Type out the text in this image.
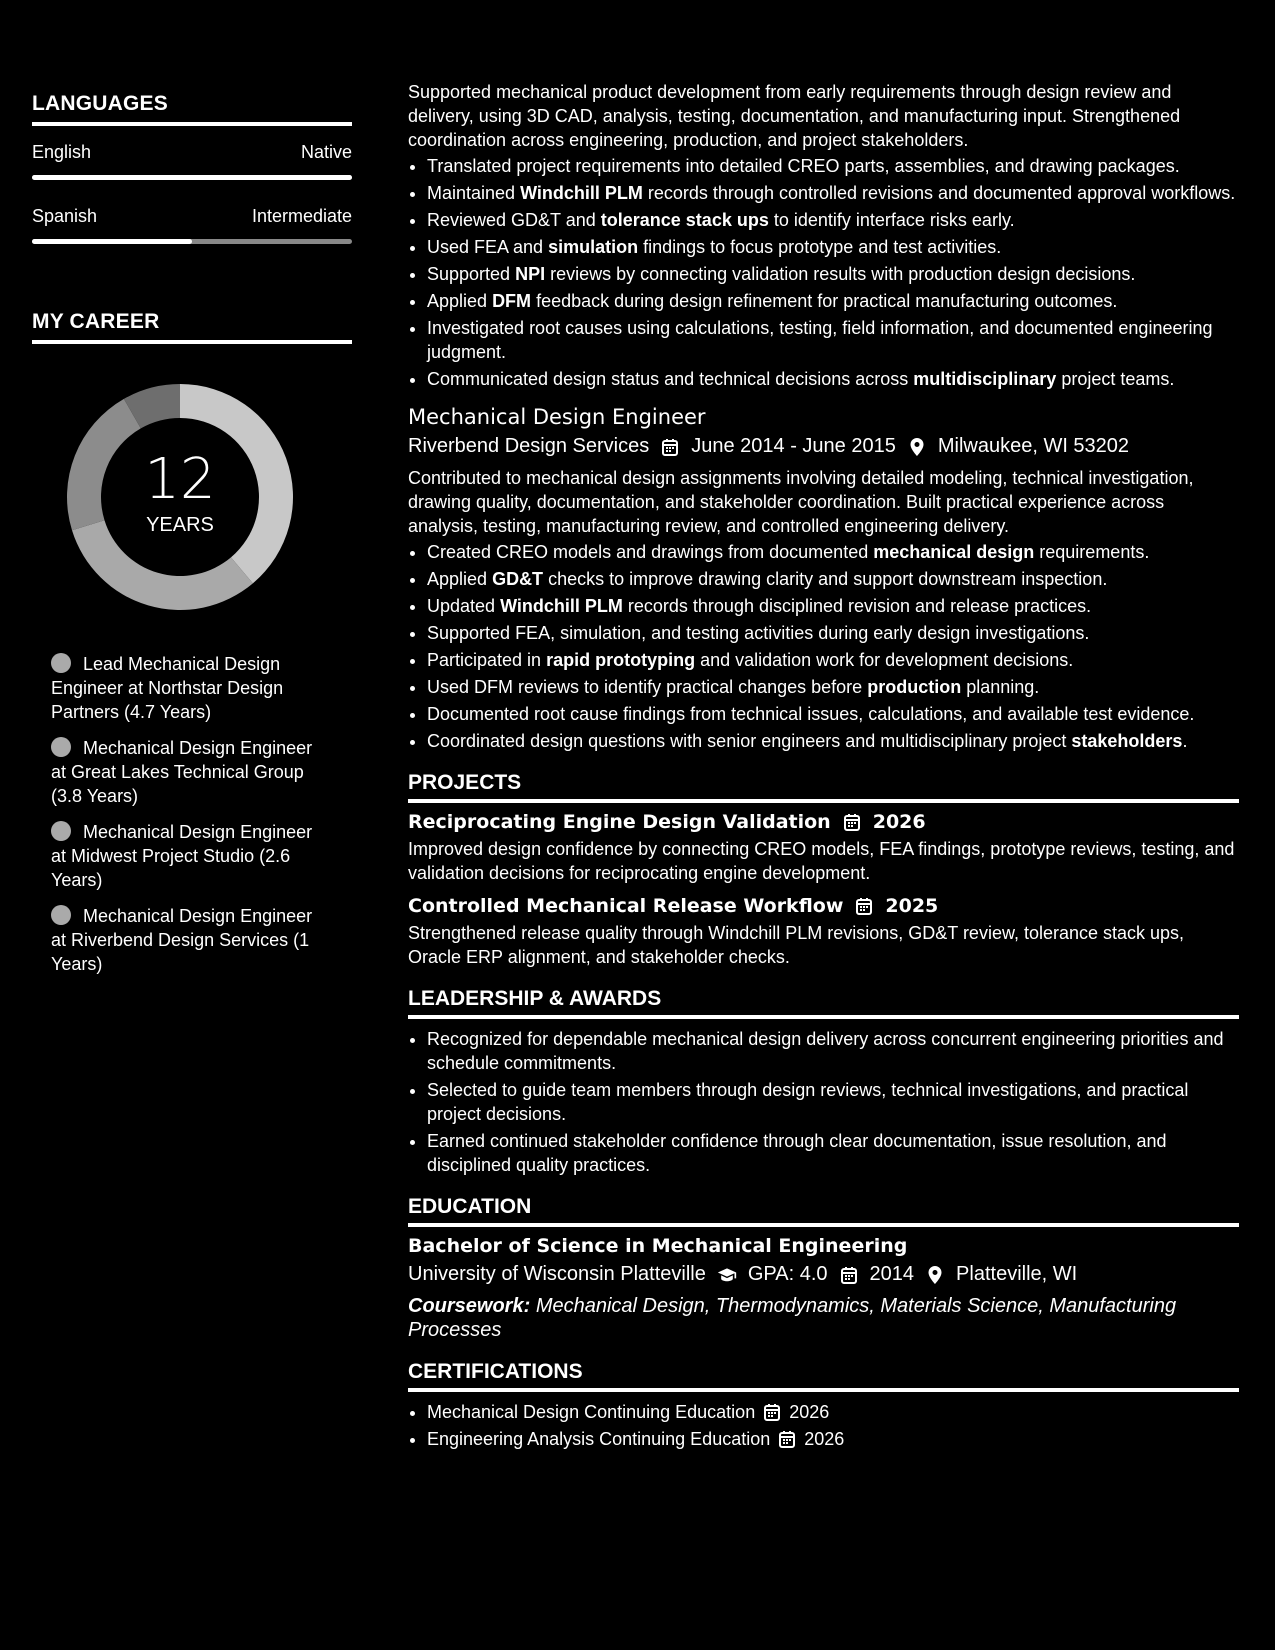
LANGUAGES
English	Native
Spanish	Intermediate
MY CAREER
12
YEARS
Lead Mechanical Design Engineer at Northstar Design Partners (4.7 Years)
Mechanical Design Engineer at Great Lakes Technical Group (3.8 Years)
Mechanical Design Engineer at Midwest Project Studio (2.6 Years)
Mechanical Design Engineer at Riverbend Design Services (1 Years)
Supported mechanical product development from early requirements through design review and delivery, using 3D CAD, analysis, testing, documentation, and manufacturing input. Strengthened coordination across engineering, production, and project stakeholders.
• Translated project requirements into detailed CREO parts, assemblies, and drawing packages.
• Maintained Windchill PLM records through controlled revisions and documented approval workflows.
• Reviewed GD&T and tolerance stack ups to identify interface risks early.
• Used FEA and simulation findings to focus prototype and test activities.
• Supported NPI reviews by connecting validation results with production design decisions.
• Applied DFM feedback during design refinement for practical manufacturing outcomes.
• Investigated root causes using calculations, testing, field information, and documented engineering judgment.
• Communicated design status and technical decisions across multidisciplinary project teams.
Mechanical Design Engineer
Riverbend Design Services June 2014 - June 2015 Milwaukee, WI 53202
Contributed to mechanical design assignments involving detailed modeling, technical investigation, drawing quality, documentation, and stakeholder coordination. Built practical experience across analysis, testing, manufacturing review, and controlled engineering delivery.
• Created CREO models and drawings from documented mechanical design requirements.
• Applied GD&T checks to improve drawing clarity and support downstream inspection.
• Updated Windchill PLM records through disciplined revision and release practices.
• Supported FEA, simulation, and testing activities during early design investigations.
• Participated in rapid prototyping and validation work for development decisions.
• Used DFM reviews to identify practical changes before production planning.
• Documented root cause findings from technical issues, calculations, and available test evidence.
• Coordinated design questions with senior engineers and multidisciplinary project stakeholders.
PROJECTS
Reciprocating Engine Design Validation 2026
Improved design confidence by connecting CREO models, FEA findings, prototype reviews, testing, and validation decisions for reciprocating engine development.
Controlled Mechanical Release Workflow 2025
Strengthened release quality through Windchill PLM revisions, GD&T review, tolerance stack ups, Oracle ERP alignment, and stakeholder checks.
LEADERSHIP & AWARDS
• Recognized for dependable mechanical design delivery across concurrent engineering priorities and schedule commitments.
• Selected to guide team members through design reviews, technical investigations, and practical project decisions.
• Earned continued stakeholder confidence through clear documentation, issue resolution, and disciplined quality practices.
EDUCATION
Bachelor of Science in Mechanical Engineering
University of Wisconsin Platteville GPA: 4.0 2014 Platteville, WI
Coursework: Mechanical Design, Thermodynamics, Materials Science, Manufacturing Processes
CERTIFICATIONS
• Mechanical Design Continuing Education 2026
• Engineering Analysis Continuing Education 2026
